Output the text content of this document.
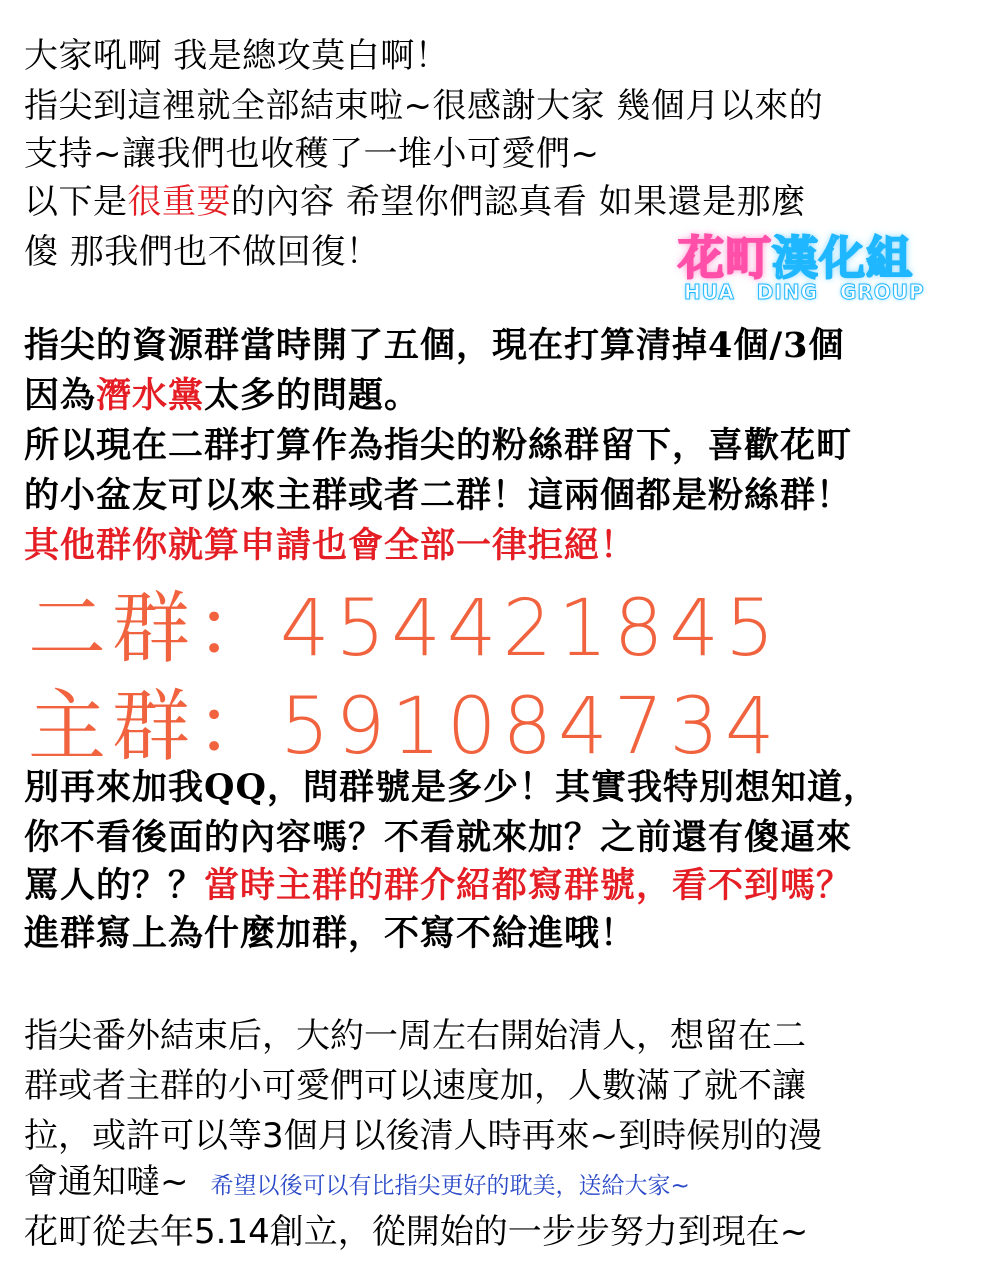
大家吼啊 我是總攻莫白啊！

指尖到這裡就全部結束啦~很感謝大家 幾個月以來的

支持~讓我們也收穫了一堆小可愛們~

以下是很重要的內容 希望你們認真看 如果還是那麼

傻 那我們也不做回復！	花町漢化組
HUA DING GROUP

指尖的資源群當時開了五個，現在打算清掉4個/3個

因為潛水黨太多的問題。

所以現在二群打算作為指尖的粉絲群留下，喜歡花町

的小盆友可以來主群或者二群！這兩個都是粉絲群！

其他群你就算申請也會全部一律拒絕！

二群：454421845
主群：591084734

別再來加我QQ，問群號是多少！其實我特別想知道，

你不看後面的內容嗎？不看就來加？之前還有傻逼來

罵人的？？當時主群的群介紹都寫群號，看不到嗎？

進群寫上為什麼加群，不寫不給進哦！

指尖番外結束后，大約一周左右開始清人，想留在二

群或者主群的小可愛們可以速度加，人數滿了就不讓

拉，或許可以等3個月以後清人時再來~到時候別的漫

會通知噠~ 希望以後可以有比指尖更好的耽美，送給大家~

花町從去年5.14創立，從開始的一步步努力到現在~
